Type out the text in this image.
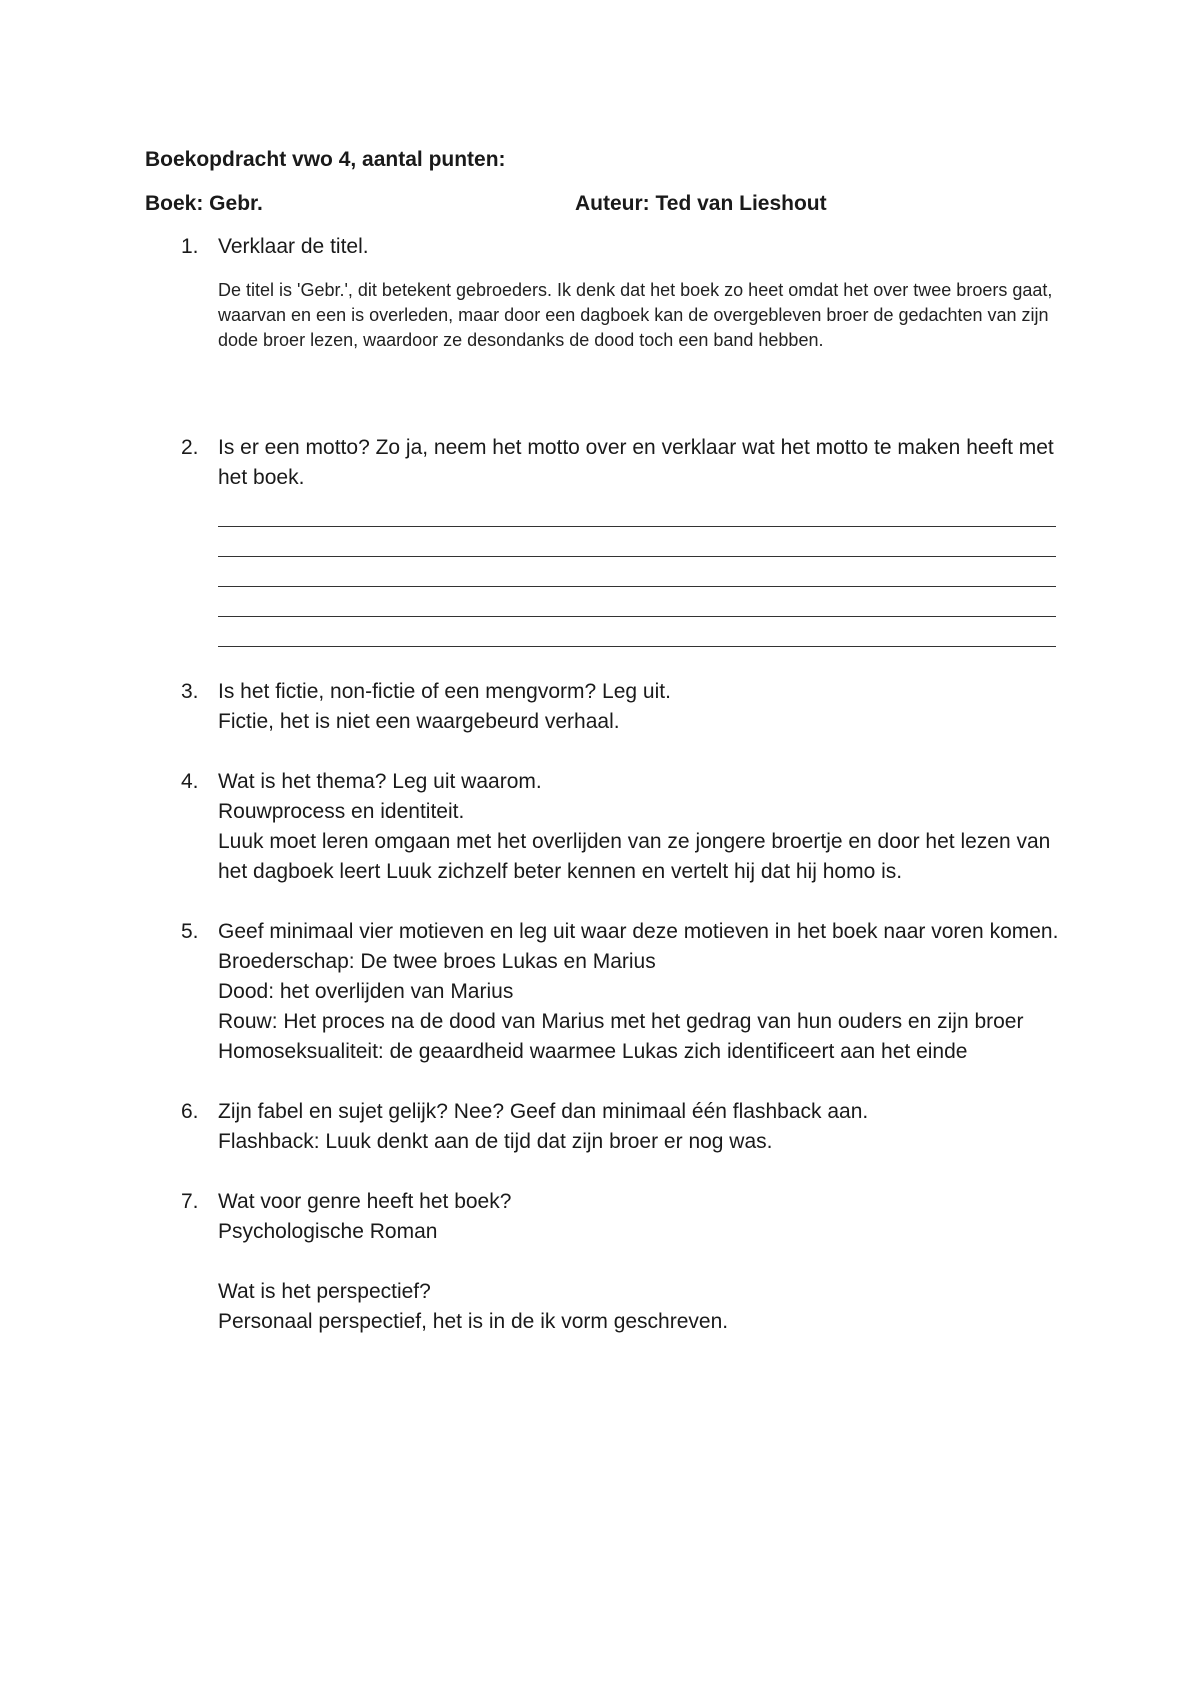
Boekopdracht vwo 4, aantal punten:
Boek: Gebr.	Auteur: Ted van Lieshout
1. Verklaar de titel.
De titel is 'Gebr.', dit betekent gebroeders. Ik denk dat het boek zo heet omdat het over twee broers gaat, waarvan en een is overleden, maar door een dagboek kan de overgebleven broer de gedachten van zijn dode broer lezen, waardoor ze desondanks de dood toch een band hebben.
2. Is er een motto? Zo ja, neem het motto over en verklaar wat het motto te maken heeft met het boek.
3. Is het fictie, non-fictie of een mengvorm? Leg uit.
Fictie, het is niet een waargebeurd verhaal.
4. Wat is het thema? Leg uit waarom.
Rouwprocess en identiteit.
Luuk moet leren omgaan met het overlijden van ze jongere broertje en door het lezen van het dagboek leert Luuk zichzelf beter kennen en vertelt hij dat hij homo is.
5. Geef minimaal vier motieven en leg uit waar deze motieven in het boek naar voren komen.
Broederschap: De twee broes Lukas en Marius
Dood: het overlijden van Marius
Rouw: Het proces na de dood van Marius met het gedrag van hun ouders en zijn broer
Homoseksualiteit: de geaardheid waarmee Lukas zich identificeert aan het einde
6. Zijn fabel en sujet gelijk? Nee? Geef dan minimaal één flashback aan.
Flashback: Luuk denkt aan de tijd dat zijn broer er nog was.
7. Wat voor genre heeft het boek?
Psychologische Roman
Wat is het perspectief?
Personaal perspectief, het is in de ik vorm geschreven.
